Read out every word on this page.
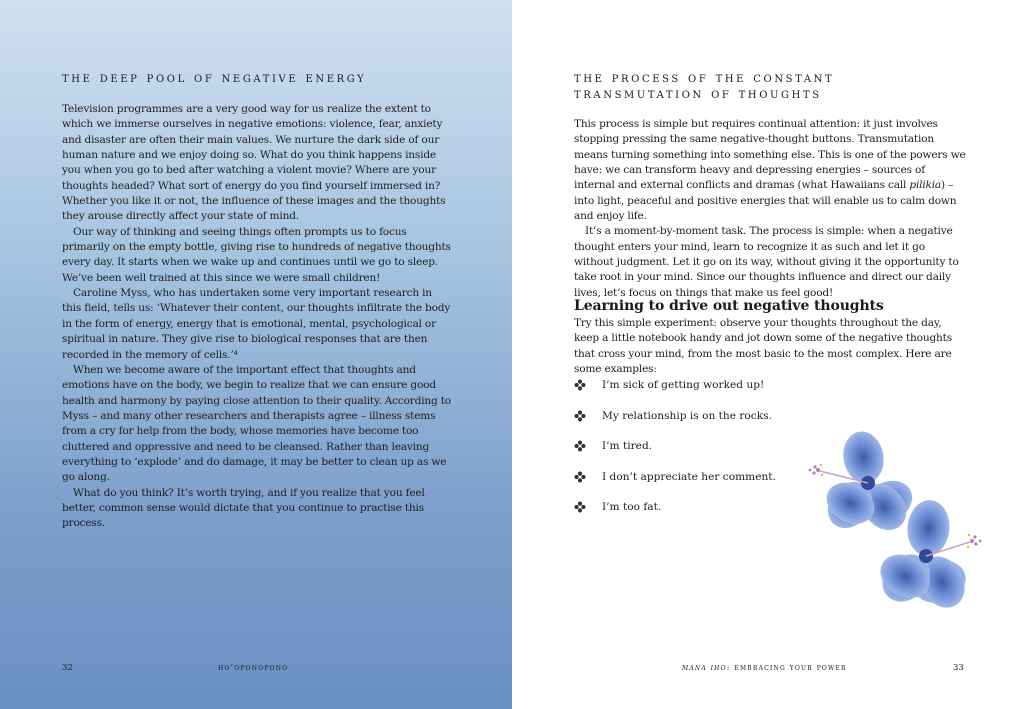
the deep pool of negative energy

Television programmes are a very good way for us realize the extent to which we immerse ourselves in negative emotions: violence, fear, anxiety and disaster are often their main values. We nurture the dark side of our human nature and we enjoy doing so. What do you think happens inside you when you go to bed after watching a violent movie? Where are your thoughts headed? What sort of energy do you find yourself immersed in? Whether you like it or not, the influence of these images and the thoughts they arouse directly affect your state of mind.

Our way of thinking and seeing things often prompts us to focus primarily on the empty bottle, giving rise to hundreds of negative thoughts every day. It starts when we wake up and continues until we go to sleep. We’ve been well trained at this since we were small children!

Caroline Myss, who has undertaken some very important research in this field, tells us: ‘Whatever their content, our thoughts infiltrate the body in the form of energy, energy that is emotional, mental, psychological or spiritual in nature. They give rise to biological responses that are then recorded in the memory of cells.’⁴

When we become aware of the important effect that thoughts and emotions have on the body, we begin to realize that we can ensure good health and harmony by paying close attention to their quality. According to Myss – and many other researchers and therapists agree – illness stems from a cry for help from the body, whose memories have become too cluttered and oppressive and need to be cleansed. Rather than leaving everything to ‘explode’ and do damage, it may be better to clean up as we go along.

What do you think? It’s worth trying, and if you realize that you feel better, common sense would dictate that you continue to practise this process.

32	ho’oponopono
the process of the constant
transmutation of thoughts

This process is simple but requires continual attention: it just involves stopping pressing the same negative-thought buttons. Transmutation means turning something into something else. This is one of the powers we have: we can transform heavy and depressing energies – sources of internal and external conflicts and dramas (what Hawaiians call pilikia) – into light, peaceful and positive energies that will enable us to calm down and enjoy life.

It’s a moment-by-moment task. The process is simple: when a negative thought enters your mind, learn to recognize it as such and let it go without judgment. Let it go on its way, without giving it the opportunity to take root in your mind. Since our thoughts influence and direct our daily lives, let’s focus on things that make us feel good!

Learning to drive out negative thoughts

Try this simple experiment: observe your thoughts throughout the day, keep a little notebook handy and jot down some of the negative thoughts that cross your mind, from the most basic to the most complex. Here are some examples:

I’m sick of getting worked up!
My relationship is on the rocks.
I’m tired.
I don’t appreciate her comment.
I’m too fat.
mana iho: embracing your power	33
